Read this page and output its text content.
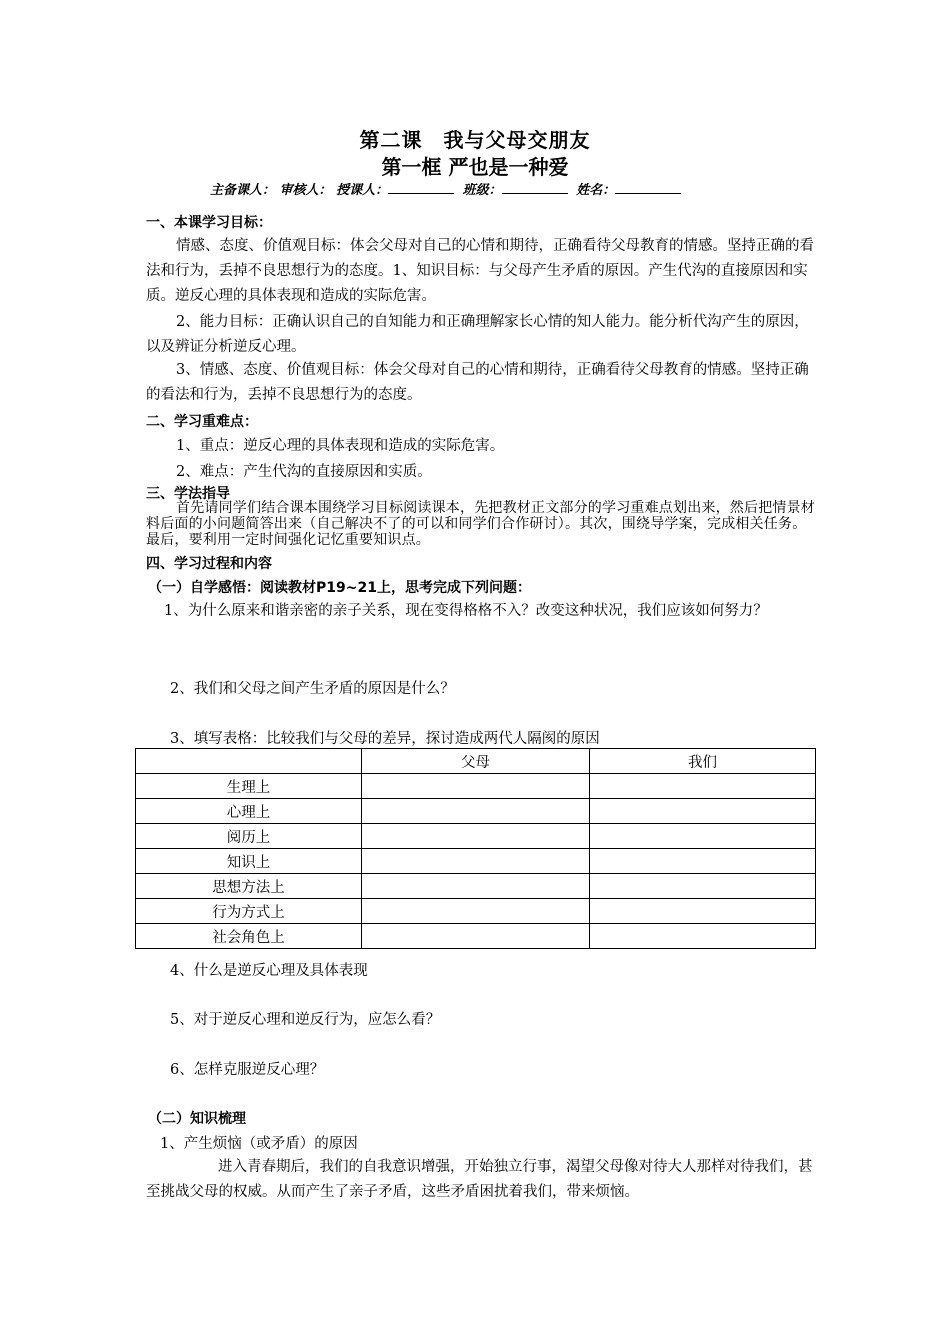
第二课　我与父母交朋友
第一框 严也是一种爱
主备课人： 审核人： 授课人：	班级：	姓名：
一、本课学习目标：
情感、态度、价值观目标：体会父母对自己的心情和期待，正确看待父母教育的情感。坚持正确的看法和行为，丢掉不良思想行为的态度。1、知识目标：与父母产生矛盾的原因。产生代沟的直接原因和实质。逆反心理的具体表现和造成的实际危害。
2、能力目标：正确认识自己的自知能力和正确理解家长心情的知人能力。能分析代沟产生的原因，以及辨证分析逆反心理。
3、情感、态度、价值观目标：体会父母对自己的心情和期待，正确看待父母教育的情感。坚持正确的看法和行为，丢掉不良思想行为的态度。
二、学习重难点：
1、重点：逆反心理的具体表现和造成的实际危害。
2、难点：产生代沟的直接原因和实质。
三、学法指导
首先请同学们结合课本围绕学习目标阅读课本，先把教材正文部分的学习重难点划出来，然后把情景材料后面的小问题简答出来（自己解决不了的可以和同学们合作研讨）。其次，围绕导学案，完成相关任务。最后，要利用一定时间强化记忆重要知识点。
四、学习过程和内容
（一）自学感悟：阅读教材P19~21上，思考完成下列问题：
1、为什么原来和谐亲密的亲子关系，现在变得格格不入？改变这种状况，我们应该如何努力？
2、我们和父母之间产生矛盾的原因是什么？
3、填写表格：比较我们与父母的差异，探讨造成两代人隔阂的原因
	父母	我们
生理上		
心理上		
阅历上		
知识上		
思想方法上		
行为方式上		
社会角色上		
4、什么是逆反心理及具体表现
5、对于逆反心理和逆反行为，应怎么看？
6、怎样克服逆反心理？
（二）知识梳理
1、产生烦恼（或矛盾）的原因
进入青春期后，我们的自我意识增强，开始独立行事，渴望父母像对待大人那样对待我们，甚至挑战父母的权威。从而产生了亲子矛盾，这些矛盾困扰着我们，带来烦恼。
